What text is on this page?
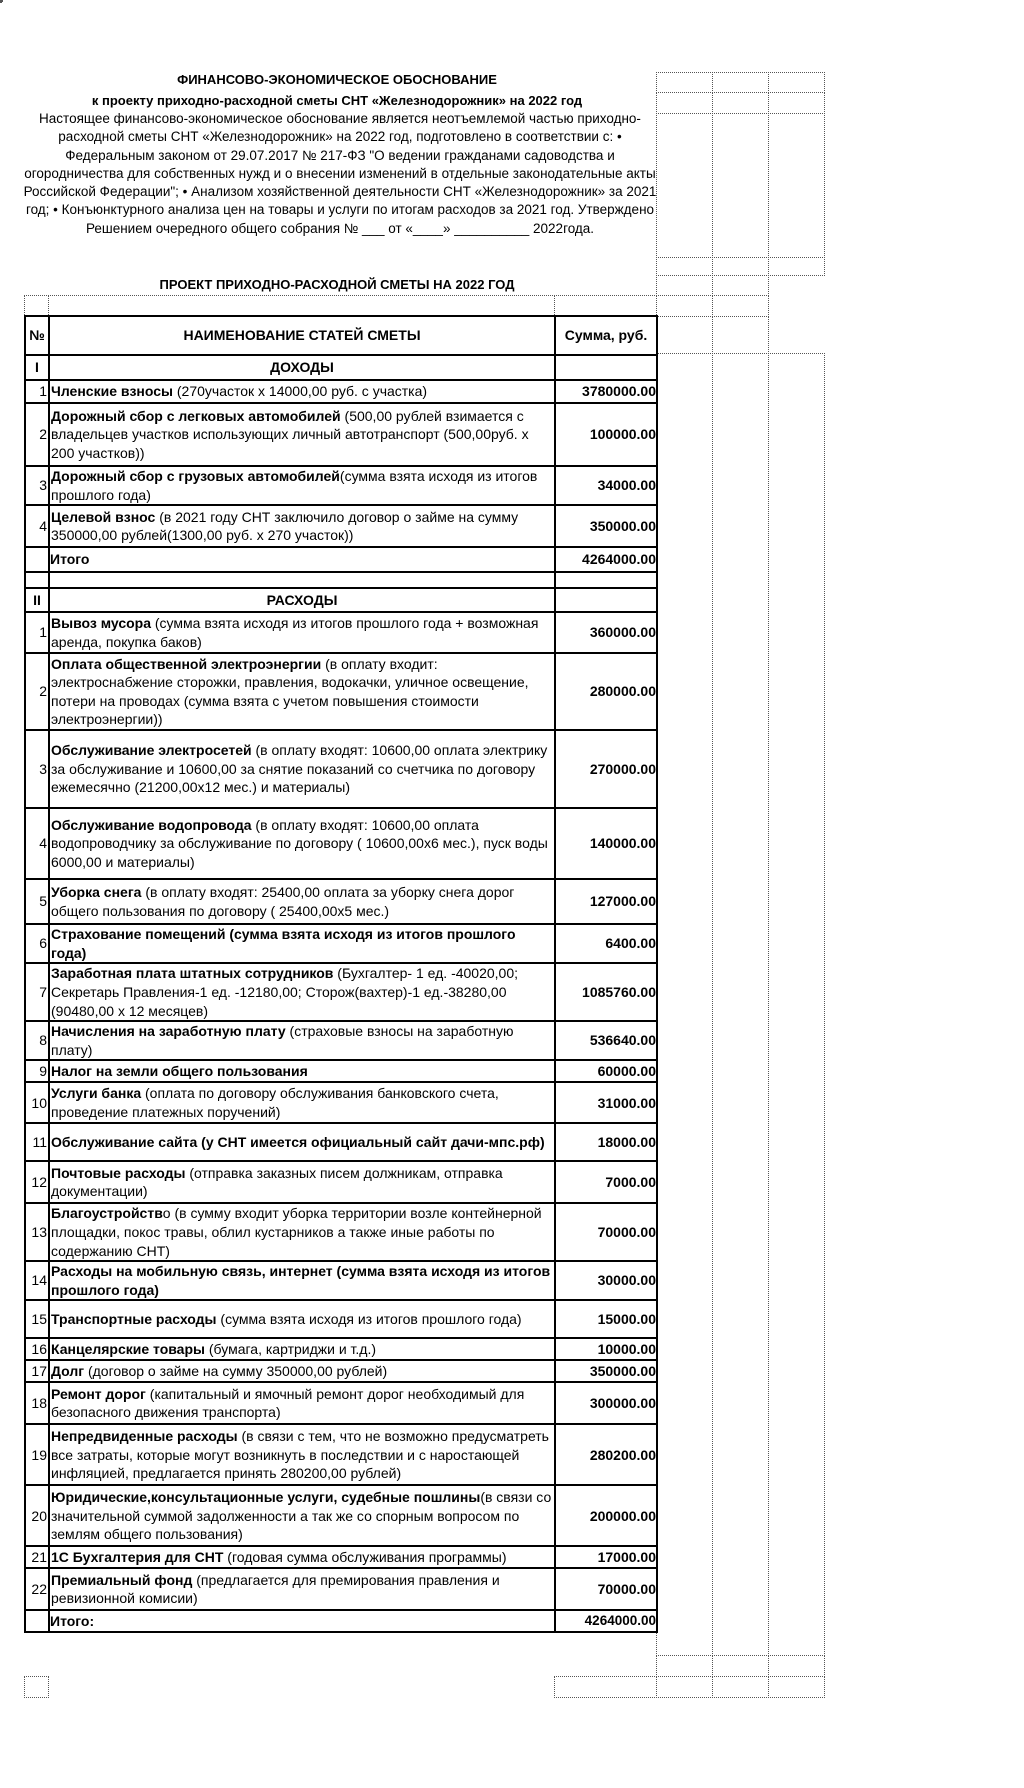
ФИНАНСОВО-ЭКОНОМИЧЕСКОЕ ОБОСНОВАНИЕ
к проекту приходно-расходной сметы СНТ «Железнодорожник» на 2022 год
Настоящее финансово-экономическое обоснование является неотъемлемой частью приходно-расходной сметы СНТ «Железнодорожник» на 2022 год, подготовлено в соответствии с: • Федеральным законом от 29.07.2017 № 217-ФЗ "О ведении гражданами садоводства и огородничества для собственных нужд и о внесении изменений в отдельные законодательные акты Российской Федерации"; • Анализом хозяйственной деятельности СНТ «Железнодорожник» за 2021 год; • Конъюнктурного анализа цен на товары и услуги по итогам расходов за 2021 год. Утверждено Решением очередного общего собрания № ___ от «____» __________ 2022года.
ПРОЕКТ ПРИХОДНО-РАСХОДНОЙ СМЕТЫ НА 2022 ГОД
№	НАИМЕНОВАНИЕ СТАТЕЙ СМЕТЫ	Сумма, руб.
I	ДОХОДЫ	
1	Членские взносы (270участок х 14000,00 руб. с участка)	3780000.00
2	Дорожный сбор с легковых автомобилей (500,00 рублей взимается с владельцев участков использующих личный автотранспорт (500,00руб. х 200 участков))	100000.00
3	Дорожный сбор с грузовых автомобилей(сумма взята исходя из итогов прошлого года)	34000.00
4	Целевой взнос (в 2021 году СНТ заключило договор о займе на сумму 350000,00 рублей(1300,00 руб. х 270 участок))	350000.00
	Итого	4264000.00

II	РАСХОДЫ	
1	Вывоз мусора (сумма взята исходя из итогов прошлого года + возможная аренда, покупка баков)	360000.00
2	Оплата общественной электроэнергии (в оплату входит: электроснабжение сторожки, правления, водокачки, уличное освещение, потери на проводах (сумма взята с учетом повышения стоимости электроэнергии))	280000.00
3	Обслуживание электросетей (в оплату входят: 10600,00 оплата электрику за обслуживание и 10600,00 за снятие показаний со счетчика по договору ежемесячно (21200,00х12 мес.) и материалы)	270000.00
4	Обслуживание водопровода (в оплату входят: 10600,00 оплата водопроводчику за обслуживание по договору ( 10600,00х6 мес.), пуск воды 6000,00 и материалы)	140000.00
5	Уборка снега (в оплату входят: 25400,00 оплата за уборку снега дорог общего пользования по договору ( 25400,00х5 мес.)	127000.00
6	Страхование помещений (сумма взята исходя из итогов прошлого года)	6400.00
7	Заработная плата штатных сотрудников (Бухгалтер- 1 ед. -40020,00; Секретарь Правления-1 ед. -12180,00; Сторож(вахтер)-1 ед.-38280,00 (90480,00 х 12 месяцев)	1085760.00
8	Начисления на заработную плату (страховые взносы на заработную плату)	536640.00
9	Налог на земли общего пользования	60000.00
10	Услуги банка (оплата по договору обслуживания банковского счета, проведение платежных поручений)	31000.00
11	Обслуживание сайта (у СНТ имеется официальный сайт дачи-мпс.рф)	18000.00
12	Почтовые расходы (отправка заказных писем должникам, отправка документации)	7000.00
13	Благоустройство (в сумму входит уборка территории возле контейнерной площадки, покос травы, облил кустарников а также иные работы по содержанию СНТ)	70000.00
14	Расходы на мобильную связь, интернет (сумма взята исходя из итогов прошлого года)	30000.00
15	Транспортные расходы (сумма взята исходя из итогов прошлого года)	15000.00
16	Канцелярские товары (бумага, картриджи и т.д.)	10000.00
17	Долг (договор о займе на сумму 350000,00 рублей)	350000.00
18	Ремонт дорог (капитальный и ямочный ремонт дорог необходимый для безопасного движения транспорта)	300000.00
19	Непредвиденные расходы (в связи с тем, что не возможно предусматреть все затраты, которые могут возникнуть в последствии и с наростающей инфляцией, предлагается принять 280200,00 рублей)	280200.00
20	Юридические,консультационные услуги, судебные пошлины(в связи со значительной суммой задолженности а так же со спорным вопросом по землям общего пользования)	200000.00
21	1С Бухгалтерия для СНТ (годовая сумма обслуживания программы)	17000.00
22	Премиальный фонд (предлагается для премирования правления и ревизионной комисии)	70000.00
	Итого:	4264000.00
